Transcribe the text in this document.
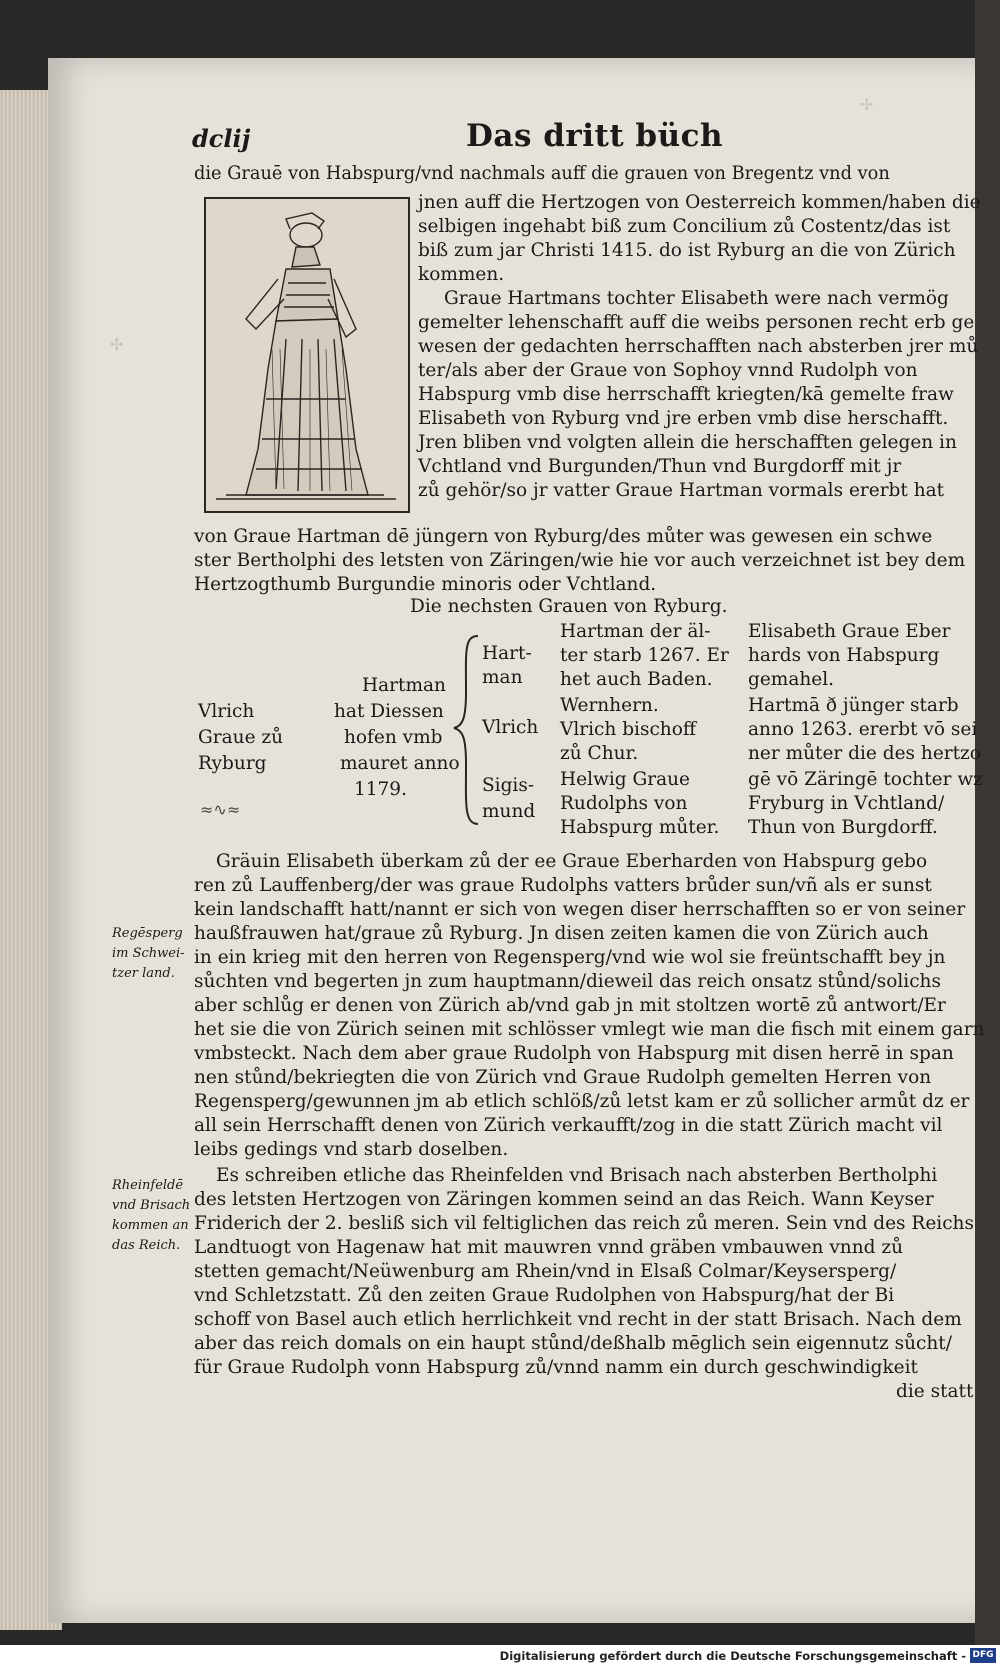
✢
✣
dclij	Das dritt büch
die Grauē von Habspurg/vnd nachmals auff die grauen von Bregentz vnd von
jnen auff die Hertzogen von Oesterreich kommen/haben die
selbigen ingehabt biß zum Concilium zů Costentz/das ist
biß zum jar Christi 1415. do ist Ryburg an die von Zürich
kommen.
Graue Hartmans tochter Elisabeth were nach vermög
gemelter lehenschafft auff die weibs personen recht erb ge
wesen der gedachten herrschafften nach absterben jrer mů
ter/als aber der Graue von Sophoy vnnd Rudolph von
Habspurg vmb dise herrschafft kriegten/kā gemelte fraw
Elisabeth von Ryburg vnd jre erben vmb dise herschafft.
Jren bliben vnd volgten allein die herschafften gelegen in
Vchtland vnd Burgunden/Thun vnd Burgdorff mit jr
zů gehör/so jr vatter Graue Hartman vormals ererbt hat
von Graue Hartman dē jüngern von Ryburg/des můter was gewesen ein schwe
ster Bertholphi des letsten von Zäringen/wie hie vor auch verzeichnet ist bey dem
Hertzogthumb Burgundie minoris oder Vchtland.
Die nechsten Grauen von Ryburg.
Vlrich
Graue zů
Ryburg
≈∿≈
Hartman
hat Diessen
hofen vmb
mauret anno
1179.
Hart-
man
Vlrich
Sigis-
mund
Hartman der äl-
ter starb 1267. Er
het auch Baden.
Wernhern.
Vlrich bischoff
zů Chur.
Helwig Graue
Rudolphs von
Habspurg můter.
Elisabeth Graue Eber
hards von Habspurg
gemahel.
Hartmā ð jünger starb
anno 1263. ererbt vō sei
ner můter die des hertzo
gē vō Zäringē tochter wz
Fryburg in Vchtland/
Thun von Burgdorff.
Gräuin Elisabeth überkam zů der ee Graue Eberharden von Habspurg gebo
ren zů Lauffenberg/der was graue Rudolphs vatters brůder sun/vñ als er sunst
kein landschafft hatt/nannt er sich von wegen diser herrschafften so er von seiner
haußfrauwen hat/graue zů Ryburg. Jn disen zeiten kamen die von Zürich auch
in ein krieg mit den herren von Regensperg/vnd wie wol sie freüntschafft bey jn
sůchten vnd begerten jn zum hauptmann/dieweil das reich onsatz stůnd/solichs
aber schlůg er denen von Zürich ab/vnd gab jn mit stoltzen wortē zů antwort/Er
het sie die von Zürich seinen mit schlösser vmlegt wie man die fisch mit einem garn
vmbsteckt. Nach dem aber graue Rudolph von Habspurg mit disen herrē in span
nen stůnd/bekriegten die von Zürich vnd Graue Rudolph gemelten Herren von
Regensperg/gewunnen jm ab etlich schlöß/zů letst kam er zů sollicher armůt dz er
all sein Herrschafft denen von Zürich verkaufft/zog in die statt Zürich macht vil
leibs gedings vnd starb doselben.
Es schreiben etliche das Rheinfelden vnd Brisach nach absterben Bertholphi
des letsten Hertzogen von Zäringen kommen seind an das Reich. Wann Keyser
Friderich der 2. besliß sich vil feltiglichen das reich zů meren. Sein vnd des Reichs
Landtuogt von Hagenaw hat mit mauwren vnnd gräben vmbauwen vnnd zů
stetten gemacht/Neüwenburg am Rhein/vnd in Elsaß Colmar/Keysersperg/
vnd Schletzstatt. Zů den zeiten Graue Rudolphen von Habspurg/hat der Bi
schoff von Basel auch etlich herrlichkeit vnd recht in der statt Brisach. Nach dem
aber das reich domals on ein haupt stůnd/deßhalb mēglich sein eigennutz sůcht/
für Graue Rudolph vonn Habspurg zů/vnnd namm ein durch geschwindigkeit
die statt
Regēsperg
im Schwei-
tzer land.
Rheinfeldē
vnd Brisach
kommen an
das Reich.
Digitalisierung gefördert durch die Deutsche Forschungsgemeinschaft - DFG
